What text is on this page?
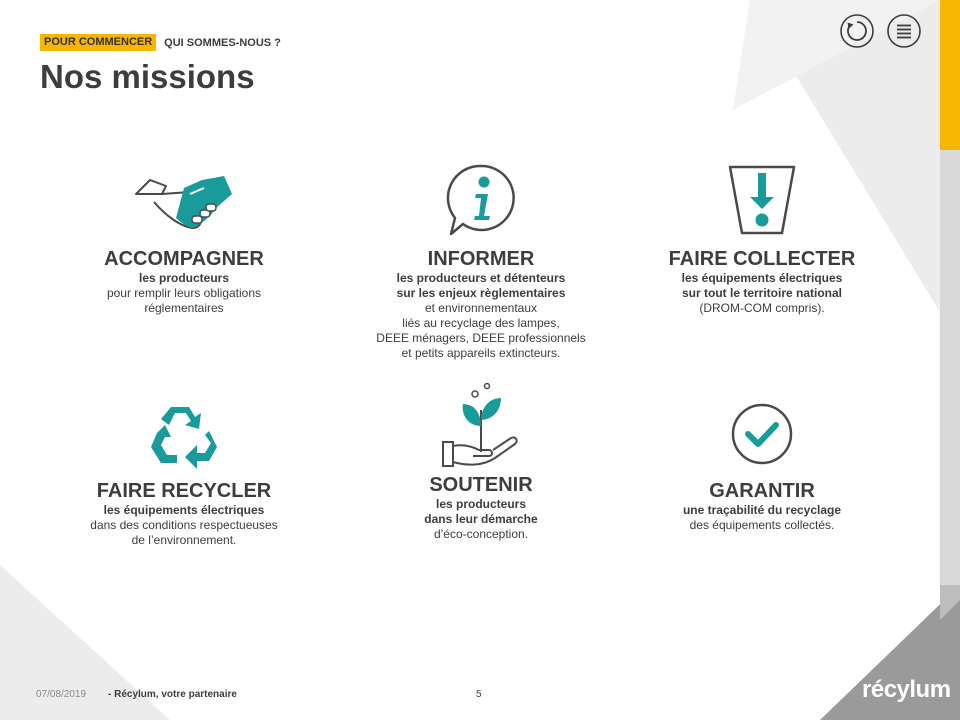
POUR COMMENCER	QUI SOMMES-NOUS ?
Nos missions
ACCOMPAGNER

les producteurs

pour remplir leurs obligations

réglementaires

INFORMER

les producteurs et détenteurs

sur les enjeux règlementaires

et environnementaux

liés au recyclage des lampes,

DEEE ménagers, DEEE professionnels

et petits appareils extincteurs.

FAIRE COLLECTER

les équipements électriques

sur tout le territoire national

(DROM-COM compris).

FAIRE RECYCLER

les équipements électriques

dans des conditions respectueuses

de l’environnement.

SOUTENIR

les producteurs

dans leur démarche

d’éco-conception.

GARANTIR

une traçabilité du recyclage

des équipements collectés.

07/08/2019 - Récylum, votre partenaire	5	récylum
